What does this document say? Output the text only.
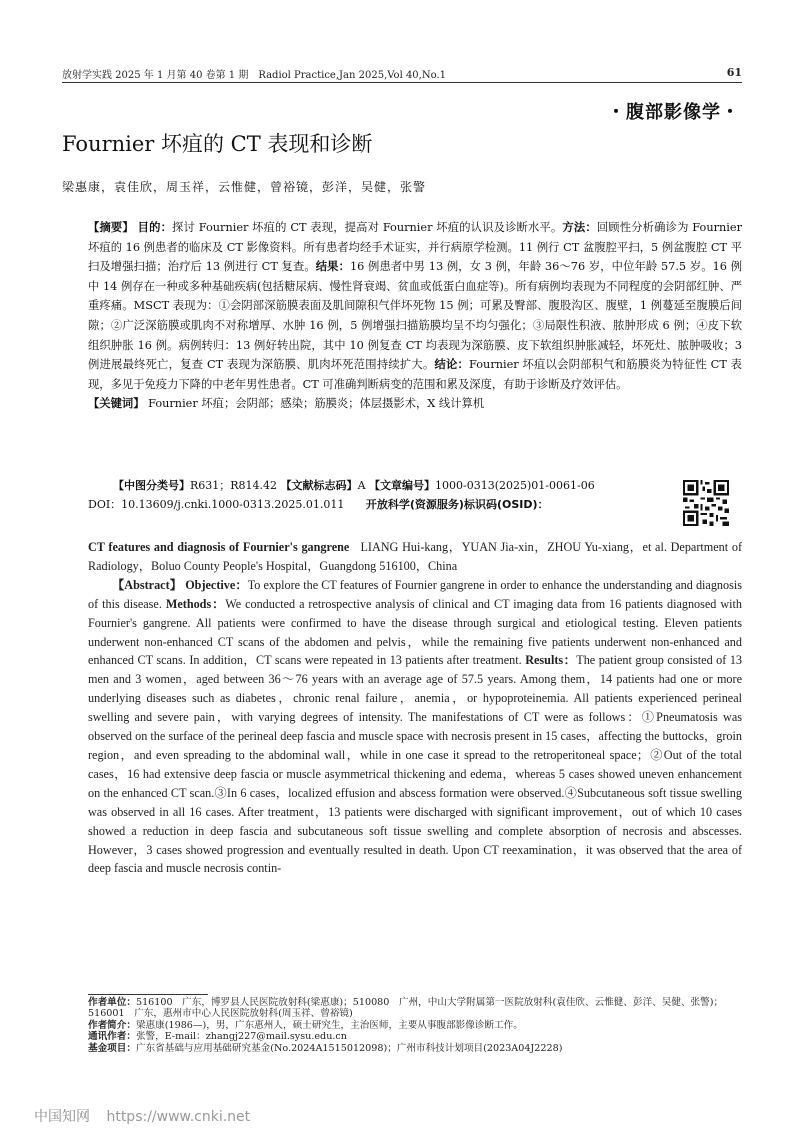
放射学实践 2025 年 1 月第 40 卷第 1 期　Radiol Practice,Jan 2025,Vol 40,No.1	61
・腹部影像学・
Fournier 坏疽的 CT 表现和诊断
梁惠康，袁佳欣，周玉祥，云惟健，曾裕镜，彭洋，吴健，张警

【摘要】 目的：探讨 Fournier 坏疽的 CT 表现，提高对 Fournier 坏疽的认识及诊断水平。方法：回顾性分析确诊为 Fournier 坏疽的 16 例患者的临床及 CT 影像资料。所有患者均经手术证实，并行病原学检测。11 例行 CT 盆腹腔平扫，5 例盆腹腔 CT 平扫及增强扫描；治疗后 13 例进行 CT 复查。结果：16 例患者中男 13 例，女 3 例，年龄 36～76 岁，中位年龄 57.5 岁。16 例中 14 例存在一种或多种基础疾病(包括糖尿病、慢性肾衰竭、贫血或低蛋白血症等)。所有病例均表现为不同程度的会阴部红肿、严重疼痛。MSCT 表现为：①会阴部深筋膜表面及肌间隙积气伴坏死物 15 例；可累及臀部、腹股沟区、腹壁，1 例蔓延至腹膜后间隙；②广泛深筋膜或肌肉不对称增厚、水肿 16 例，5 例增强扫描筋膜均呈不均匀强化；③局限性积液、脓肿形成 6 例；④皮下软组织肿胀 16 例。病例转归：13 例好转出院，其中 10 例复查 CT 均表现为深筋膜、皮下软组织肿胀减轻，坏死灶、脓肿吸收；3 例进展最终死亡，复查 CT 表现为深筋膜、肌肉坏死范围持续扩大。结论：Fournier 坏疽以会阴部积气和筋膜炎为特征性 CT 表现，多见于免疫力下降的中老年男性患者。CT 可准确判断病变的范围和累及深度，有助于诊断及疗效评估。

【关键词】 Fournier 坏疽；会阴部；感染；筋膜炎；体层摄影术，X 线计算机

【中图分类号】R631；R814.42 【文献标志码】A 【文章编号】1000-0313(2025)01-0061-06
DOI：10.13609/j.cnki.1000-0313.2025.01.011 开放科学(资源服务)标识码(OSID)：

CT features and diagnosis of Fournier's gangrene LIANG Hui-kang，YUAN Jia-xin，ZHOU Yu-xiang，et al. Department of Radiology，Boluo County People's Hospital，Guangdong 516100，China

【Abstract】 Objective：To explore the CT features of Fournier gangrene in order to enhance the understanding and diagnosis of this disease. Methods：We conducted a retrospective analysis of clinical and CT imaging data from 16 patients diagnosed with Fournier's gangrene. All patients were confirmed to have the disease through surgical and etiological testing. Eleven patients underwent non-enhanced CT scans of the abdomen and pelvis，while the remaining five patients underwent non-enhanced and enhanced CT scans. In addition，CT scans were repeated in 13 patients after treatment. Results：The patient group consisted of 13 men and 3 women，aged between 36～76 years with an average age of 57.5 years. Among them，14 patients had one or more underlying diseases such as diabetes，chronic renal failure，anemia，or hypoproteinemia. All patients experienced perineal swelling and severe pain，with varying degrees of intensity. The manifestations of CT were as follows：①Pneumatosis was observed on the surface of the perineal deep fascia and muscle space with necrosis present in 15 cases，affecting the buttocks，groin region，and even spreading to the abdominal wall，while in one case it spread to the retroperitoneal space；②Out of the total cases，16 had extensive deep fascia or muscle asymmetrical thickening and edema，whereas 5 cases showed uneven enhancement on the enhanced CT scan.③In 6 cases，localized effusion and abscess formation were observed.④Subcutaneous soft tissue swelling was observed in all 16 cases. After treatment，13 patients were discharged with significant improvement，out of which 10 cases showed a reduction in deep fascia and subcutaneous soft tissue swelling and complete absorption of necrosis and abscesses. However，3 cases showed progression and eventually resulted in death. Upon CT reexamination，it was observed that the area of deep fascia and muscle necrosis contin-

作者单位：516100　广东，博罗县人民医院放射科(梁惠康)；510080　广州，中山大学附属第一医院放射科(袁佳欣、云惟健、彭洋、吴健、张警)；516001　广东，惠州市中心人民医院放射科(周玉祥、曾裕镜)

作者简介：梁惠康(1986—)，男，广东惠州人，硕士研究生，主治医师，主要从事腹部影像诊断工作。

通讯作者：张警，E-mail：zhangj227@mail.sysu.edu.cn

基金项目：广东省基础与应用基础研究基金(No.2024A1515012098)；广州市科技计划项目(2023A04J2228)

中国知网 https://www.cnki.net
